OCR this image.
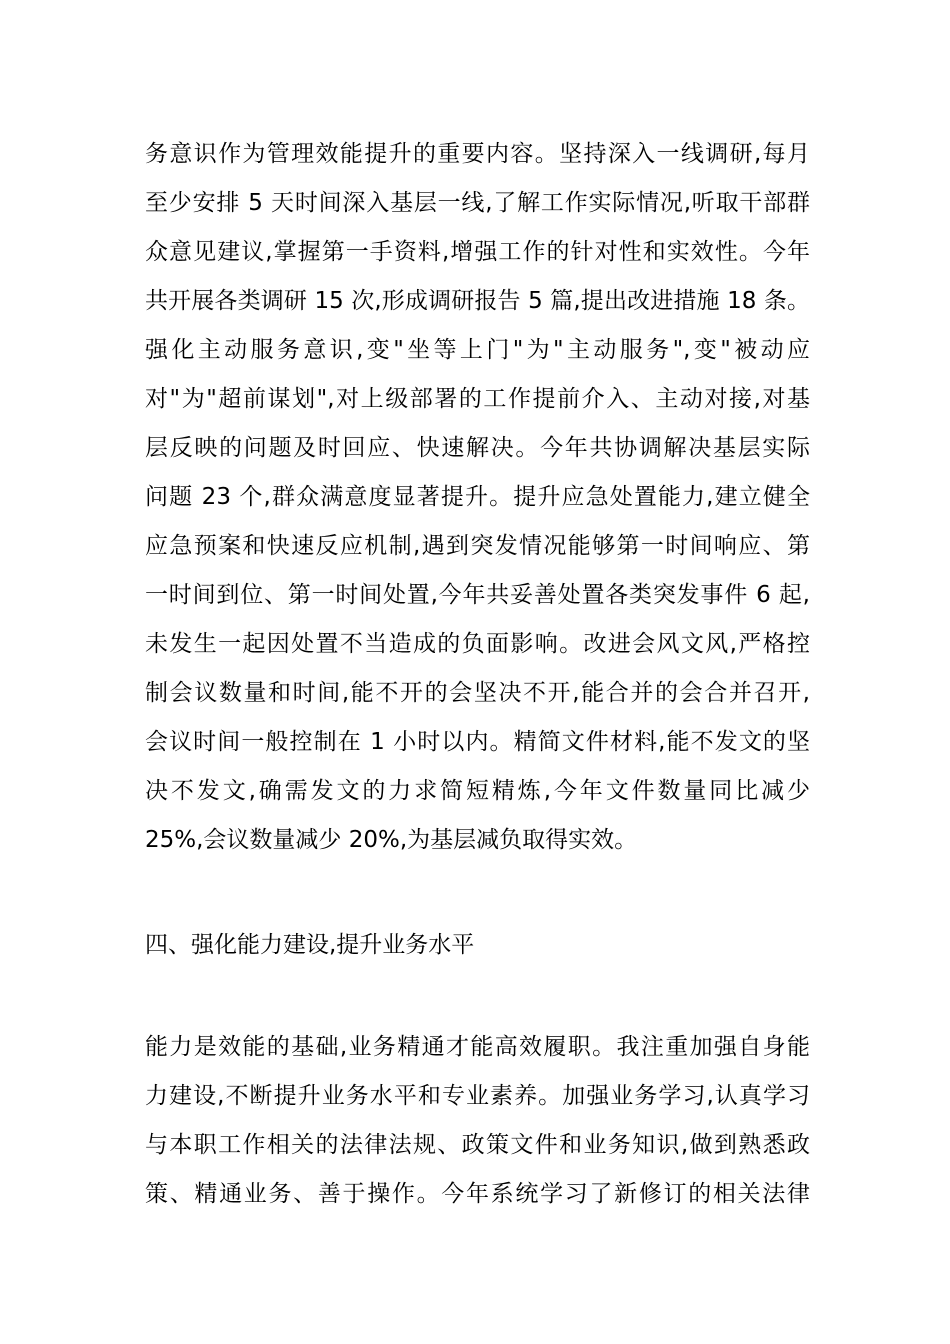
务意识作为管理效能提升的重要内容。坚持深入一线调研,每月
至少安排 5 天时间深入基层一线,了解工作实际情况,听取干部群
众意见建议,掌握第一手资料,增强工作的针对性和实效性。今年
共开展各类调研 15 次,形成调研报告 5 篇,提出改进措施 18 条。
强化主动服务意识,变"坐等上门"为"主动服务",变"被动应
对"为"超前谋划",对上级部署的工作提前介入、主动对接,对基
层反映的问题及时回应、快速解决。今年共协调解决基层实际
问题 23 个,群众满意度显著提升。提升应急处置能力,建立健全
应急预案和快速反应机制,遇到突发情况能够第一时间响应、第
一时间到位、第一时间处置,今年共妥善处置各类突发事件 6 起,
未发生一起因处置不当造成的负面影响。改进会风文风,严格控
制会议数量和时间,能不开的会坚决不开,能合并的会合并召开,
会议时间一般控制在 1 小时以内。精简文件材料,能不发文的坚
决不发文,确需发文的力求简短精炼,今年文件数量同比减少
25%,会议数量减少 20%,为基层减负取得实效。
四、强化能力建设,提升业务水平
能力是效能的基础,业务精通才能高效履职。我注重加强自身能
力建设,不断提升业务水平和专业素养。加强业务学习,认真学习
与本职工作相关的法律法规、政策文件和业务知识,做到熟悉政
策、精通业务、善于操作。今年系统学习了新修订的相关法律
